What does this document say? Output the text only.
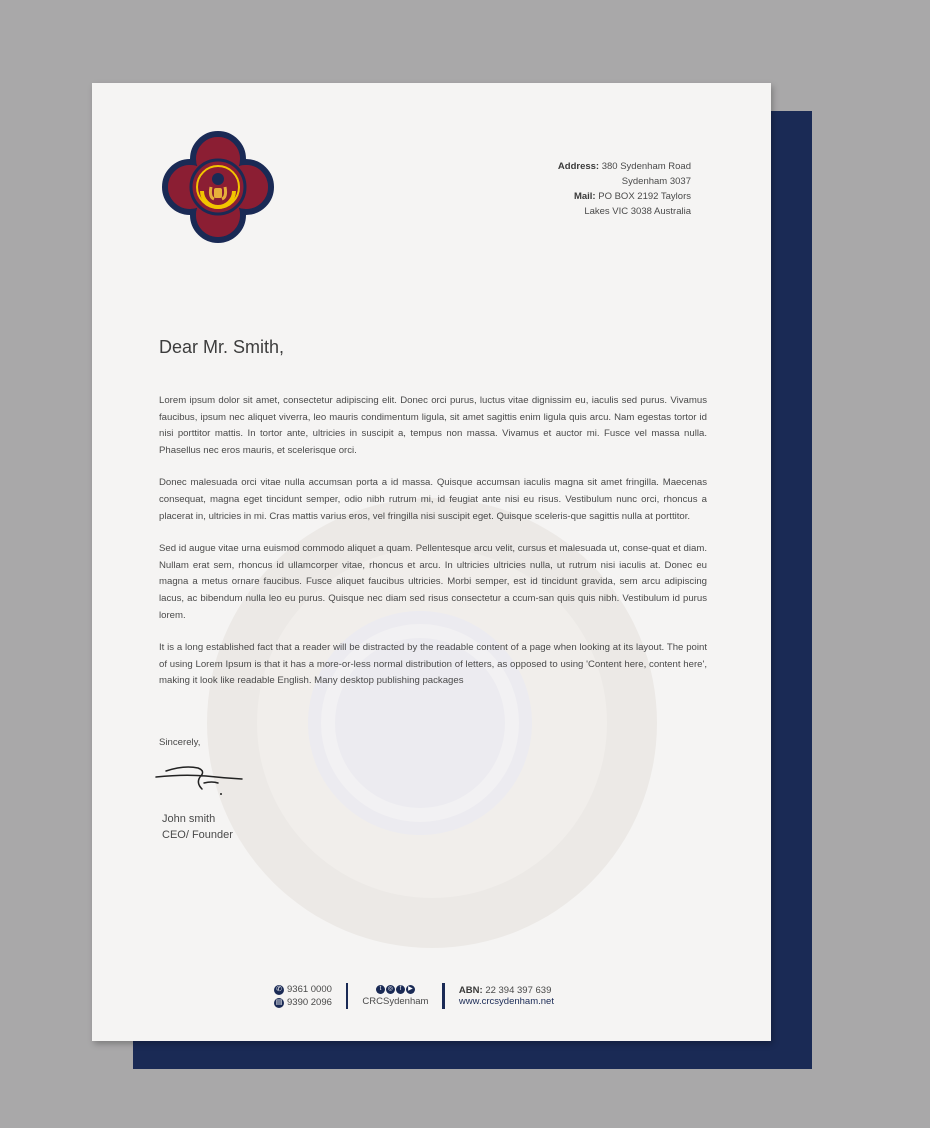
Address: 380 Sydenham Road
Sydenham 3037
Mail: PO BOX 2192 Taylors
Lakes VIC 3038 Australia
Dear Mr. Smith,

Lorem ipsum dolor sit amet, consectetur adipiscing elit. Donec orci purus, luctus vitae dignissim eu, iaculis sed purus. Vivamus faucibus, ipsum nec aliquet viverra, leo mauris condimentum ligula, sit amet sagittis enim ligula quis arcu. Nam egestas tortor id nisi porttitor mattis. In tortor ante, ultricies in suscipit a, tempus non massa. Vivamus et auctor mi. Fusce vel massa nulla. Phasellus nec eros mauris, et scelerisque orci.

Donec malesuada orci vitae nulla accumsan porta a id massa. Quisque accumsan iaculis magna sit amet fringilla. Maecenas consequat, magna eget tincidunt semper, odio nibh rutrum mi, id feugiat ante nisi eu risus. Vestibulum nunc orci, rhoncus a placerat in, ultricies in mi. Cras mattis varius eros, vel fringilla nisi suscipit eget. Quisque sceleris-que sagittis nulla at porttitor.

Sed id augue vitae urna euismod commodo aliquet a quam. Pellentesque arcu velit, cursus et malesuada ut, conse-quat et diam. Nullam erat sem, rhoncus id ullamcorper vitae, rhoncus et arcu. In ultricies ultricies nulla, ut rutrum nisi iaculis at. Donec eu magna a metus ornare faucibus. Fusce aliquet faucibus ultricies. Morbi semper, est id tincidunt gravida, sem arcu adipiscing lacus, ac bibendum nulla leo eu purus. Quisque nec diam sed risus consectetur a ccum-san quis quis nibh. Vestibulum id purus lorem.

It is a long established fact that a reader will be distracted by the readable content of a page when looking at its layout. The point of using Lorem Ipsum is that it has a more-or-less normal distribution of letters, as opposed to using 'Content here, content here', making it look like readable English. Many desktop publishing packages

Sincerely,
John smith
CEO/ Founder
✆ 9361 0000
▤ 9390 2096
t	◎	f	▶
CRCSydenham
ABN: 22 394 397 639
www.crcsydenham.net
